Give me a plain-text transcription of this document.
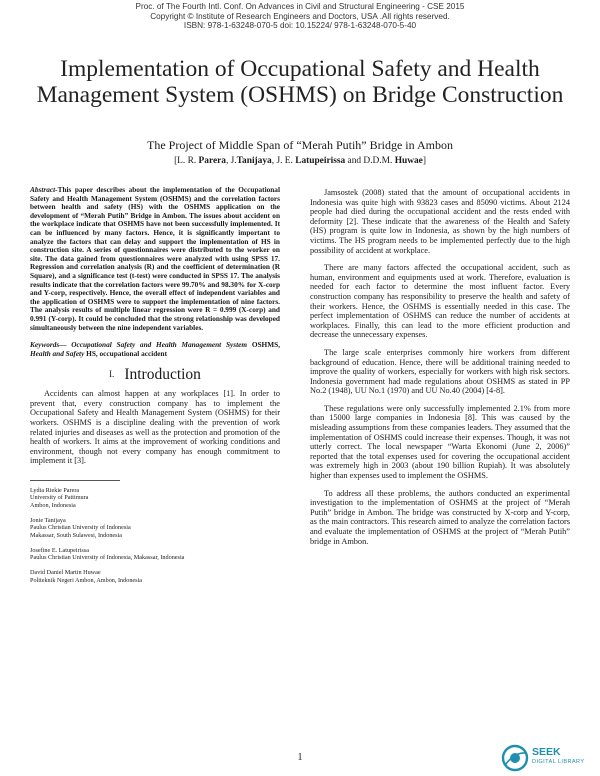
Proc. of The Fourth Intl. Conf. On Advances in Civil and Structural Engineering - CSE 2015
Copyright © Institute of Research Engineers and Doctors, USA .All rights reserved.
ISBN: 978-1-63248-070-5 doi: 10.15224/ 978-1-63248-070-5-40
Implementation of Occupational Safety and Health Management System (OSHMS) on Bridge Construction
The Project of Middle Span of “Merah Putih” Bridge in Ambon
[L. R. Parera, J.Tanijaya, J. E. Latupeirissa and D.D.M. Huwae]

Abstract-This paper describes about the implementation of the Occupational Safety and Health Management System (OSHMS) and the correlation factors between health and safety (HS) with the OSHMS application on the development of “Merah Putih” Bridge in Ambon. The issues about accident on the workplace indicate that OSHMS have not been successfully implemented. It can be influenced by many factors. Hence, it is significantly important to analyze the factors that can delay and support the implementation of HS in construction site. A series of questionnaires were distributed to the worker on site. The data gained from questionnaires were analyzed with using SPSS 17. Regression and correlation analysis (R) and the coefficient of determination (R Square), and a significance test (t-test) were conducted in SPSS 17. The analysis results indicate that the correlation factors were 99.70% and 98.30% for X-corp and Y-corp, respectively. Hence, the overall effect of independent variables and the application of OSHMS were to support the implementation of nine factors. The analysis results of multiple linear regression were R = 0.999 (X-corp) and 0.991 (Y-corp). It could be concluded that the strong relationship was developed simultaneously between the nine independent variables.

Keywords— Occupational Safety and Health Management System OSHMS, Health and Safety HS, occupational accident

I. Introduction

Accidents can almost happen at any workplaces [1]. In order to prevent that, every construction company has to implement the Occupational Safety and Health Management System (OSHMS) for their workers. OSHMS is a discipline dealing with the prevention of work related injuries and diseases as well as the protection and promotion of the health of workers. It aims at the improvement of working conditions and environment, though not every company has enough commitment to implement it [3].

Lydia Riekie Parera
University of Pattimura
Ambon, Indonesia
Jonie Tanijaya
Paulus Christian University of Indonesia
Makassar, South Sulawesi, Indonesia
Josefine E. Latupeirissa
Paulus Christian University of Indonesia, Makassar, Indonesia
David Daniel Martin Huwae
Politeknik Negeri Ambon, Ambon, Indonesia

Jamsostek (2008) stated that the amount of occupational accidents in Indonesia was quite high with 93823 cases and 85090 victims. About 2124 people had died during the occupational accident and the rests ended with deformity [2]. These indicate that the awareness of the Health and Safety (HS) program is quite low in Indonesia, as shown by the high numbers of victims. The HS program needs to be implemented perfectly due to the high possibility of accident at workplace.

There are many factors affected the occupational accident, such as human, environment and equipments used at work. Therefore, evaluation is needed for each factor to determine the most influent factor. Every construction company has responsibility to preserve the health and safety of their workers. Hence, the OSHMS is essentially needed in this case. The perfect implementation of OSHMS can reduce the number of accidents at workplaces. Finally, this can lead to the more efficient production and decrease the unnecessary expenses.

The large scale enterprises commonly hire workers from different background of education. Hence, there will be additional training needed to improve the quality of workers, especially for workers with high risk sectors. Indonesia government had made regulations about OSHMS as stated in PP No.2 (1948), UU No.1 (1970) and UU No.40 (2004) [4-8].

These regulations were only successfully implemented 2.1% from more than 15000 large companies in Indonesia [8]. This was caused by the misleading assumptions from these companies leaders. They assumed that the implementation of OSHMS could increase their expenses. Though, it was not utterly correct. The local newspaper “Warta Ekonomi (June 2, 2006)” reported that the total expenses used for covering the occupational accident was extremely high in 2003 (about 190 billion Rupiah). It was absolutely higher than expenses used to implement the OSHMS.

To address all these problems, the authors conducted an experimental investigation to the implementation of OSHMS at the project of “Merah Putih” bridge in Ambon. The bridge was constructed by X-corp and Y-corp, as the main contractors. This research aimed to analyze the correlation factors and evaluate the implementation of OSHMS at the project of “Merah Putih” bridge in Ambon.

1	SEEK
DIGITAL LIBRARY
